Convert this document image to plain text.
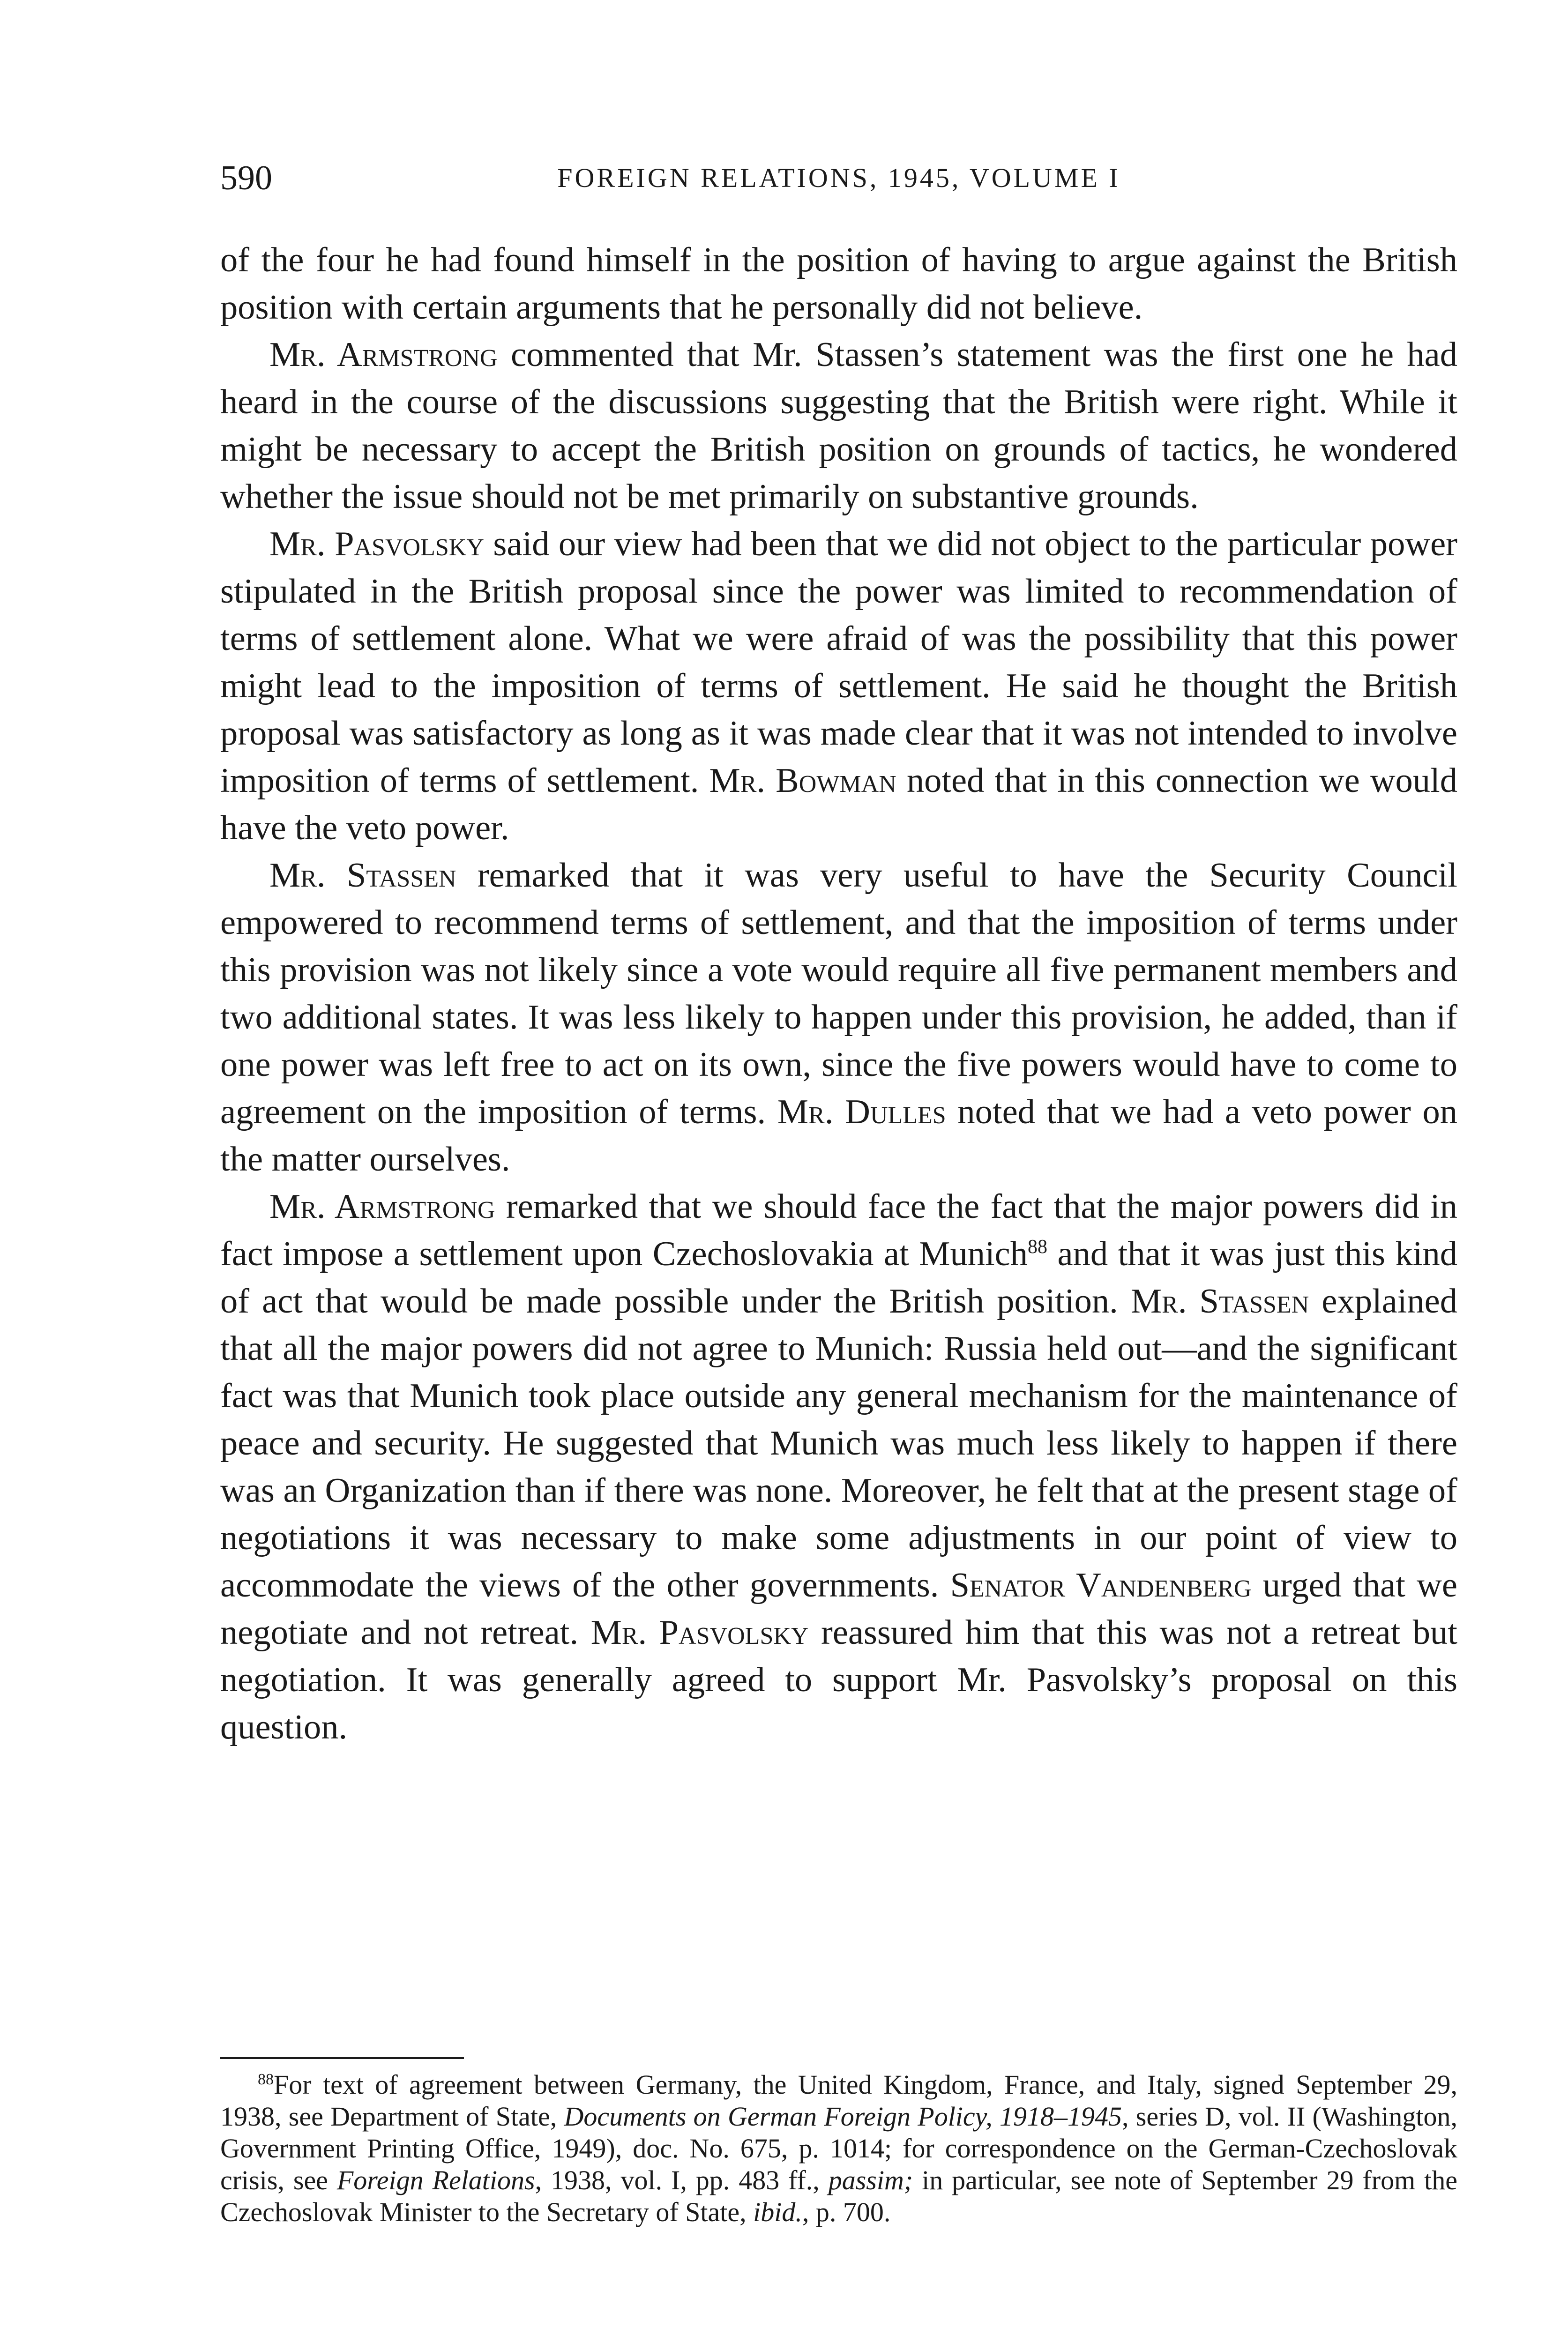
590	FOREIGN RELATIONS, 1945, VOLUME I

of the four he had found himself in the position of having to argue against the British position with certain arguments that he personally did not believe.

Mr. Armstrong commented that Mr. Stassen’s statement was the first one he had heard in the course of the discussions suggesting that the British were right. While it might be necessary to accept the British position on grounds of tactics, he wondered whether the issue should not be met primarily on substantive grounds.

Mr. Pasvolsky said our view had been that we did not object to the particular power stipulated in the British proposal since the power was limited to recommendation of terms of settlement alone. What we were afraid of was the possibility that this power might lead to the imposition of terms of settlement. He said he thought the British proposal was satisfactory as long as it was made clear that it was not intended to involve imposition of terms of settlement. Mr. Bowman noted that in this connection we would have the veto power.

Mr. Stassen remarked that it was very useful to have the Security Council empowered to recommend terms of settlement, and that the imposition of terms under this provision was not likely since a vote would require all five permanent members and two additional states. It was less likely to happen under this provision, he added, than if one power was left free to act on its own, since the five powers would have to come to agreement on the imposition of terms. Mr. Dulles noted that we had a veto power on the matter ourselves.

Mr. Armstrong remarked that we should face the fact that the major powers did in fact impose a settlement upon Czechoslovakia at Munich$^{88}$ and that it was just this kind of act that would be made possible under the British position. Mr. Stassen explained that all the major powers did not agree to Munich: Russia held out—and the significant fact was that Munich took place outside any general mechanism for the maintenance of peace and security. He suggested that Munich was much less likely to happen if there was an Organization than if there was none. Moreover, he felt that at the present stage of negotiations it was necessary to make some adjustments in our point of view to accommodate the views of the other governments. Senator Vandenberg urged that we negotiate and not retreat. Mr. Pasvolsky reassured him that this was not a retreat but negotiation. It was generally agreed to support Mr. Pasvolsky’s proposal on this question.

$^{88}$For text of agreement between Germany, the United Kingdom, France, and Italy, signed September 29, 1938, see Department of State, Documents on German Foreign Policy, 1918–1945, series D, vol. II (Washington, Government Printing Office, 1949), doc. No. 675, p. 1014; for correspondence on the German-Czechoslovak crisis, see Foreign Relations, 1938, vol. I, pp. 483 ff., passim; in particular, see note of September 29 from the Czechoslovak Minister to the Secretary of State, ibid., p. 700.
